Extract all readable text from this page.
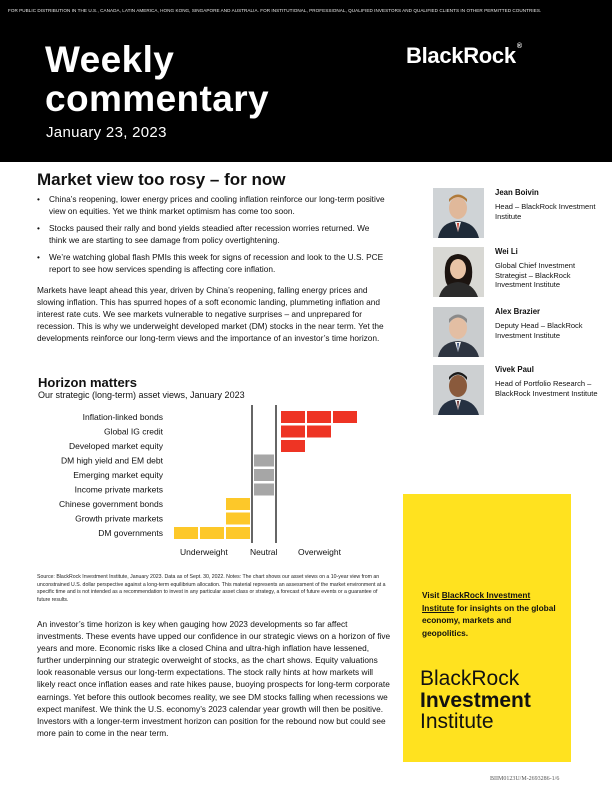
FOR PUBLIC DISTRIBUTION IN THE U.S., CANADA, LATIN AMERICA, HONG KONG, SINGAPORE AND AUSTRALIA. FOR INSTITUTIONAL, PROFESSIONAL, QUALIFIED INVESTORS AND QUALIFIED CLIENTS IN OTHER PERMITTED COUNTRIES.
Weekly
commentary
January 23, 2023
BlackRock®
Market view too rosy – for now
• China’s reopening, lower energy prices and cooling inflation reinforce our long-term positive view on equities. Yet we think market optimism has come too soon.
• Stocks paused their rally and bond yields steadied after recession worries returned. We think we are starting to see damage from policy overtightening.
• We’re watching global flash PMIs this week for signs of recession and look to the U.S. PCE report to see how services spending is affecting core inflation.

Markets have leapt ahead this year, driven by China’s reopening, falling energy prices and slowing inflation. This has spurred hopes of a soft economic landing, plummeting inflation and interest rate cuts. We see markets vulnerable to negative surprises – and unprepared for recession. This is why we underweight developed market (DM) stocks in the near term. Yet the developments reinforce our long-term views and the importance of an investor’s time horizon.

Horizon matters
Our strategic (long-term) asset views, January 2023
Inflation-linked bonds
Global IG credit
Developed market equity
DM high yield and EM debt
Emerging market equity
Income private markets
Chinese government bonds
Growth private markets
DM governments
Underweight	Neutral Overweight
Source: BlackRock Investment Institute, January 2023. Data as of Sept. 30, 2022. Notes: The chart shows our asset views on a 10-year view from an unconstrained U.S. dollar perspective against a long-term equilibrium allocation. This material represents an assessment of the market environment at a specific time and is not intended as a recommendation to invest in any particular asset class or strategy, a forecast of future events or a guarantee of future results.

An investor’s time horizon is key when gauging how 2023 developments so far affect investments. These events have upped our confidence in our strategic views on a horizon of five years and more. Economic risks like a closed China and ultra-high inflation have lessened, further underpinning our strategic overweight of stocks, as the chart shows. Equity valuations look reasonable versus our long-term expectations. The stock rally hints at how markets will likely react once inflation eases and rate hikes pause, buoying prospects for long-term corporate earnings. Yet before this outlook becomes reality, we see DM stocks falling when recessions we expect manifest. We think the U.S. economy’s 2023 calendar year growth will then be positive. Investors with a longer-term investment horizon can position for the rebound now but could see more pain to come in the near term.

Jean Boivin
Head – BlackRock Investment Institute
Wei Li
Global Chief Investment Strategist – BlackRock Investment Institute
Alex Brazier
Deputy Head – BlackRock Investment Institute
Vivek Paul
Head of Portfolio Research – BlackRock Investment Institute
Visit BlackRock Investment Institute for insights on the global economy, markets and geopolitics.
BlackRock
Investment
Institute
BIIM0123U/M-2693286-1/6
